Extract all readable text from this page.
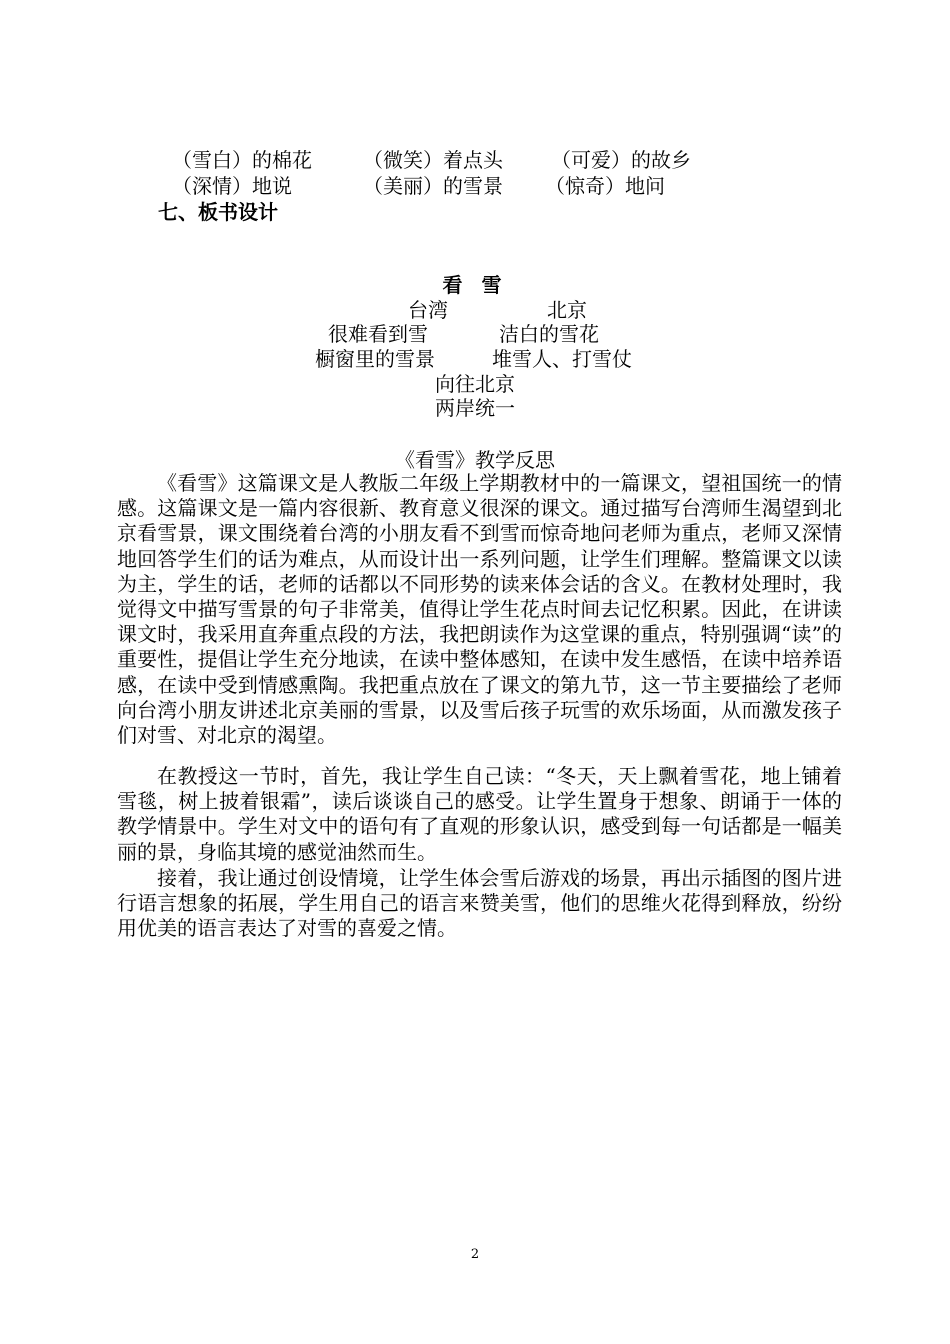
（雪白）的棉花	（微笑）着点头 （可爱）的故乡
（深情）地说	（美丽）的雪景 （惊奇）地问
七、板书设计
看 雪
台湾	北京
很难看到雪	洁白的雪花
橱窗里的雪景	堆雪人、打雪仗
向往北京
两岸统一
《看雪》教学反思

《看雪》这篇课文是人教版二年级上学期教材中的一篇课文，望祖国统一的情感。这篇课文是一篇内容很新、教育意义很深的课文。通过描写台湾师生渴望到北京看雪景，课文围绕着台湾的小朋友看不到雪而惊奇地问老师为重点，老师又深情地回答学生们的话为难点，从而设计出一系列问题，让学生们理解。整篇课文以读为主，学生的话，老师的话都以不同形势的读来体会话的含义。在教材处理时，我觉得文中描写雪景的句子非常美，值得让学生花点时间去记忆积累。因此，在讲读课文时，我采用直奔重点段的方法，我把朗读作为这堂课的重点，特别强调“读”的重要性，提倡让学生充分地读，在读中整体感知，在读中发生感悟，在读中培养语感，在读中受到情感熏陶。我把重点放在了课文的第九节，这一节主要描绘了老师向台湾小朋友讲述北京美丽的雪景，以及雪后孩子玩雪的欢乐场面，从而激发孩子们对雪、对北京的渴望。

在教授这一节时，首先，我让学生自己读：“冬天，天上飘着雪花，地上铺着雪毯，树上披着银霜”，读后谈谈自己的感受。让学生置身于想象、朗诵于一体的教学情景中。学生对文中的语句有了直观的形象认识，感受到每一句话都是一幅美丽的景，身临其境的感觉油然而生。

接着，我让通过创设情境，让学生体会雪后游戏的场景，再出示插图的图片进行语言想象的拓展，学生用自己的语言来赞美雪，他们的思维火花得到释放，纷纷用优美的语言表达了对雪的喜爱之情。

2
